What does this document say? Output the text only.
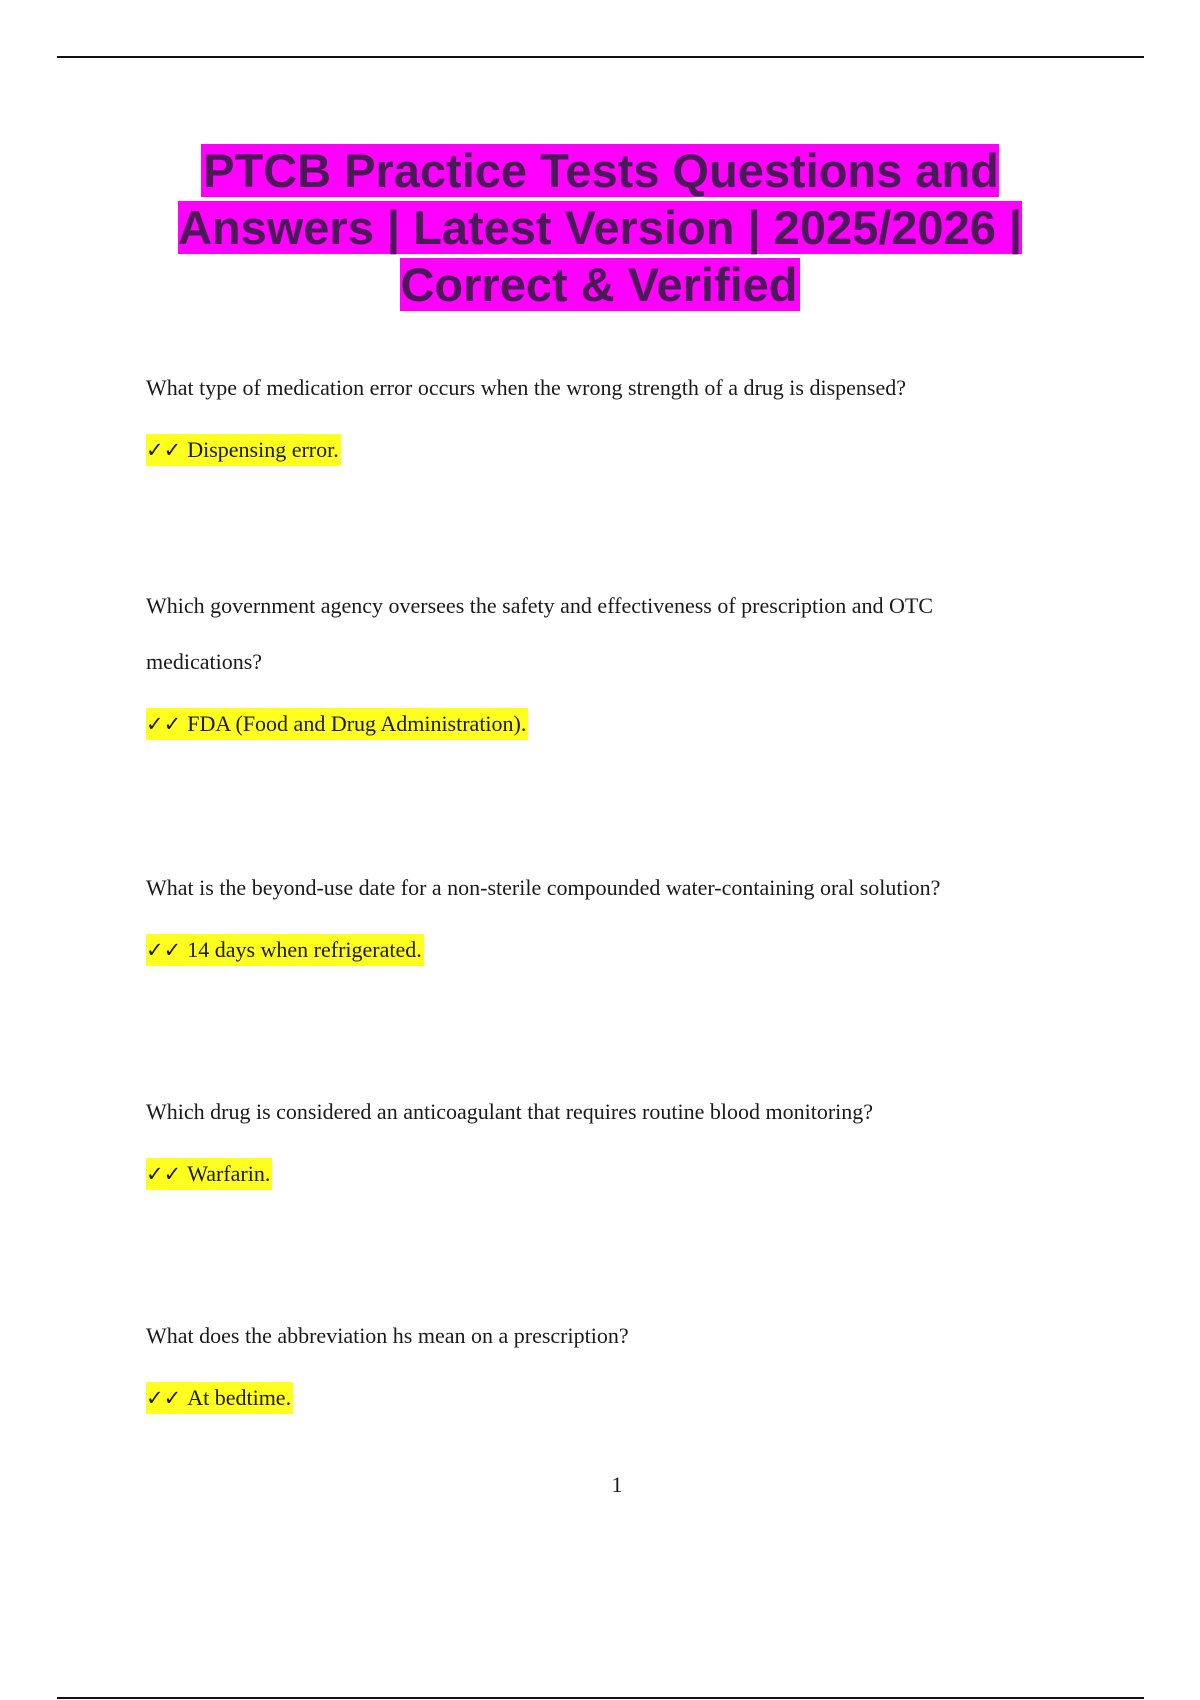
PTCB Practice Tests Questions and Answers | Latest Version | 2025/2026 | Correct & Verified

What type of medication error occurs when the wrong strength of a drug is dispensed?

✓✓ Dispensing error.

Which government agency oversees the safety and effectiveness of prescription and OTC medications?

✓✓ FDA (Food and Drug Administration).

What is the beyond-use date for a non-sterile compounded water-containing oral solution?

✓✓ 14 days when refrigerated.

Which drug is considered an anticoagulant that requires routine blood monitoring?

✓✓ Warfarin.

What does the abbreviation hs mean on a prescription?

✓✓ At bedtime.
1
